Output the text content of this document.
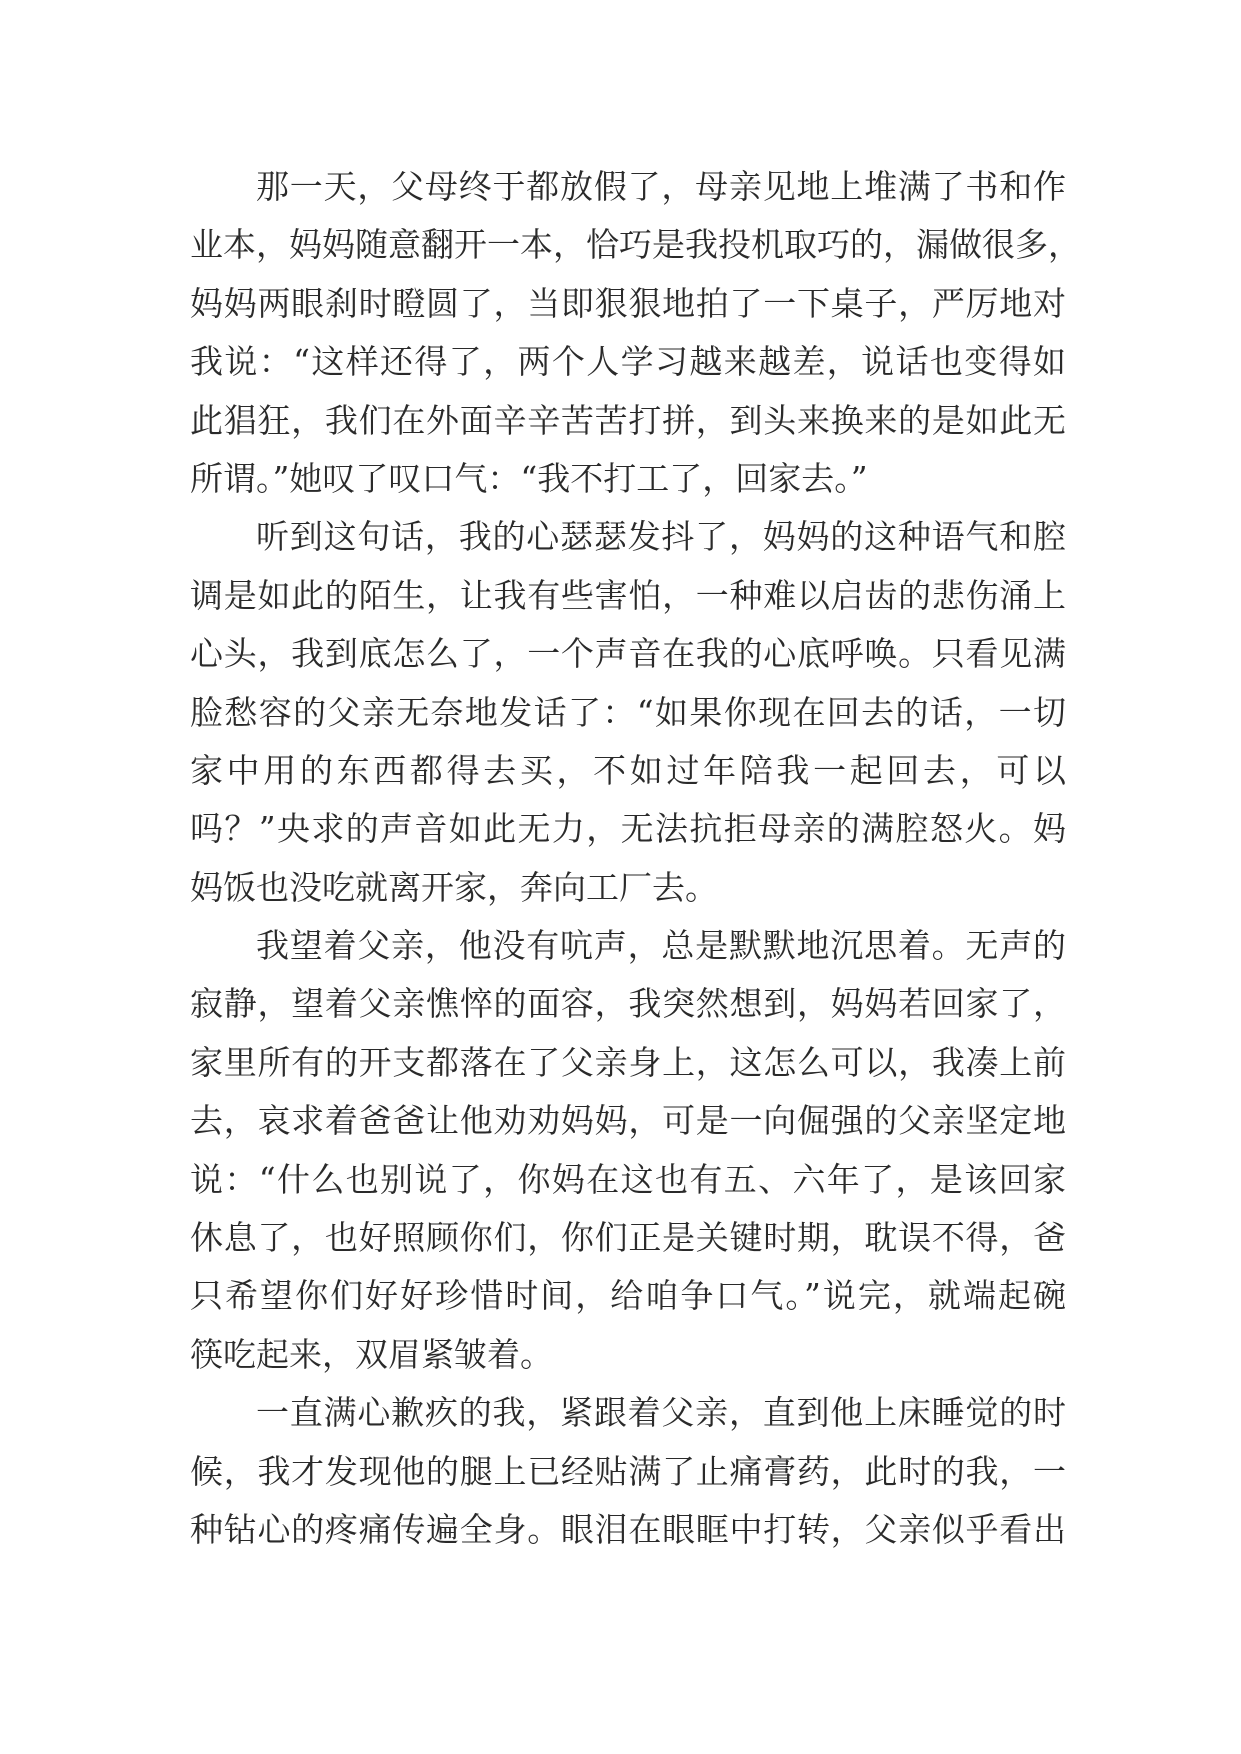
那一天，父母终于都放假了，母亲见地上堆满了书和作
业本，妈妈随意翻开一本，恰巧是我投机取巧的，漏做很多，
妈妈两眼刹时瞪圆了，当即狠狠地拍了一下桌子，严厉地对
我说：“这样还得了，两个人学习越来越差，说话也变得如
此猖狂，我们在外面辛辛苦苦打拼，到头来换来的是如此无
所谓。”她叹了叹口气：“我不打工了，回家去。”
听到这句话，我的心瑟瑟发抖了，妈妈的这种语气和腔
调是如此的陌生，让我有些害怕，一种难以启齿的悲伤涌上
心头，我到底怎么了，一个声音在我的心底呼唤。只看见满
脸愁容的父亲无奈地发话了：“如果你现在回去的话，一切
家中用的东西都得去买，不如过年陪我一起回去，可以
吗？”央求的声音如此无力，无法抗拒母亲的满腔怒火。妈
妈饭也没吃就离开家，奔向工厂去。
我望着父亲，他没有吭声，总是默默地沉思着。无声的
寂静，望着父亲憔悴的面容，我突然想到，妈妈若回家了，
家里所有的开支都落在了父亲身上，这怎么可以，我凑上前
去，哀求着爸爸让他劝劝妈妈，可是一向倔强的父亲坚定地
说：“什么也别说了，你妈在这也有五、六年了，是该回家
休息了，也好照顾你们，你们正是关键时期，耽误不得，爸
只希望你们好好珍惜时间，给咱争口气。”说完，就端起碗
筷吃起来，双眉紧皱着。
一直满心歉疚的我，紧跟着父亲，直到他上床睡觉的时
候，我才发现他的腿上已经贴满了止痛膏药，此时的我，一
种钻心的疼痛传遍全身。眼泪在眼眶中打转，父亲似乎看出
